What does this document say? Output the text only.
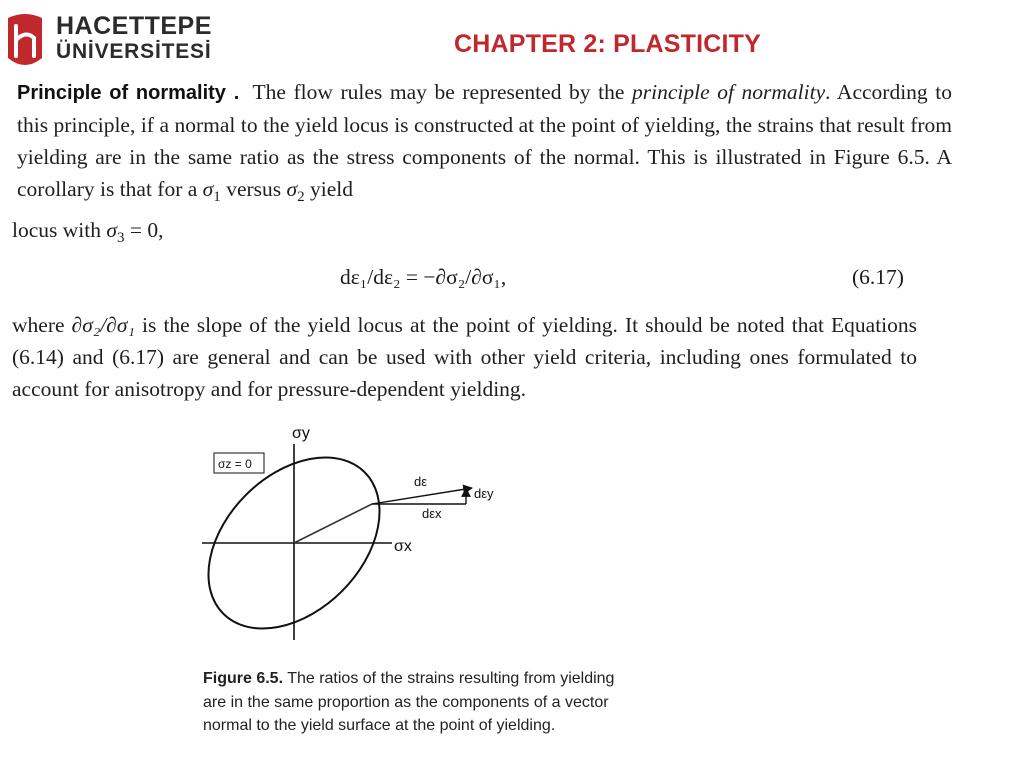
HACETTEPE
ÜNİVERSİTESİ	CHAPTER 2: PLASTICITY
Principle of normality . The flow rules may be represented by the principle of normality. According to this principle, if a normal to the yield locus is constructed at the point of yielding, the strains that result from yielding are in the same ratio as the stress components of the normal. This is illustrated in Figure 6.5. A corollary is that for a $\sigma_1$ versus $\sigma_2$ yield
locus with $\sigma_3 = 0$,
dε₁/dε₂ = −∂σ₂/∂σ₁,	(6.17)
where ∂σ₂/∂σ₁ is the slope of the yield locus at the point of yielding. It should be noted that Equations (6.14) and (6.17) are general and can be used with other yield criteria, including ones formulated to account for anisotropy and for pressure-dependent yielding.
σz = 0
σy
σx
dε
dεy
dεx
Figure 6.5. The ratios of the strains resulting from yielding are in the same proportion as the components of a vector normal to the yield surface at the point of yielding.
